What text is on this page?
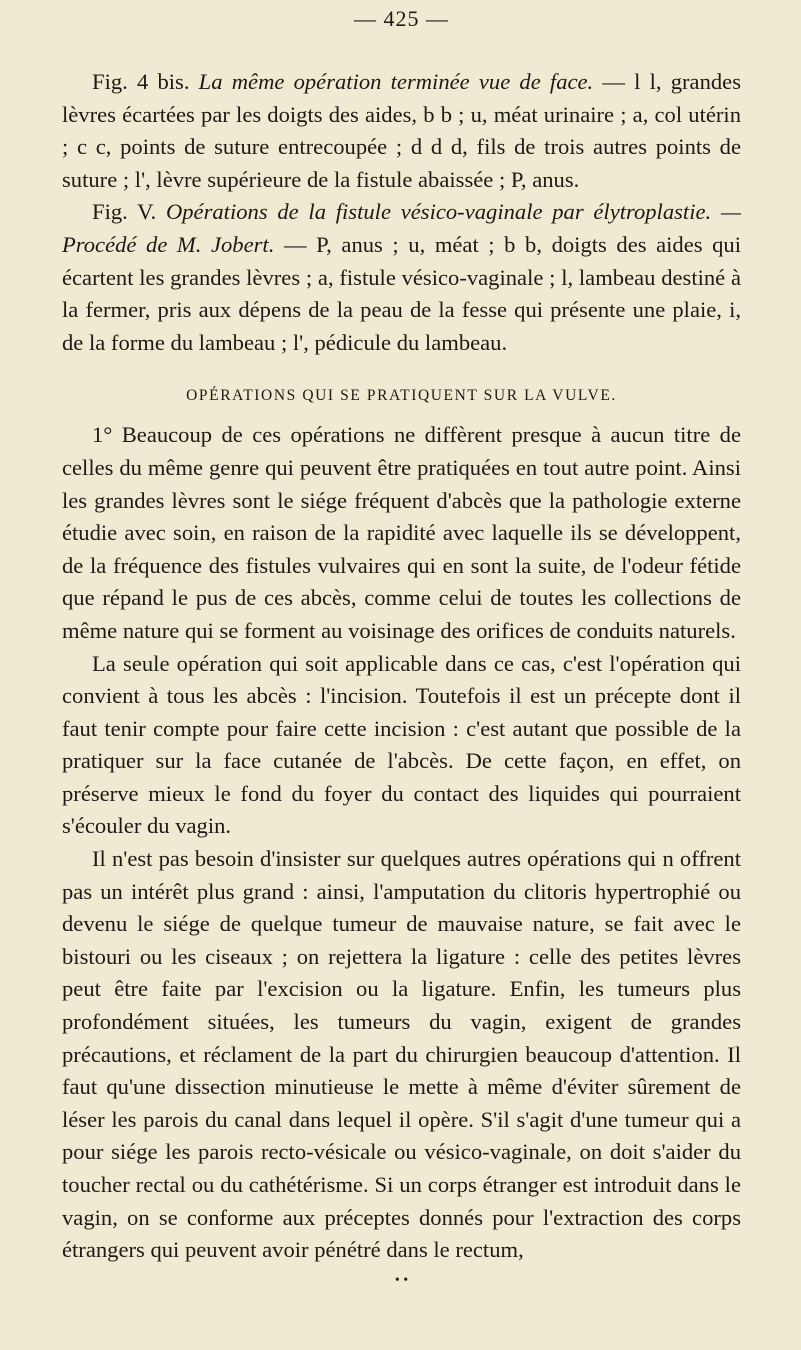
— 425 —

Fig. 4 bis. La même opération terminée vue de face. — l l, grandes lèvres écartées par les doigts des aides, b b ; u, méat urinaire ; a, col utérin ; c c, points de suture entrecoupée ; d d d, fils de trois autres points de suture ; l', lèvre supérieure de la fistule abaissée ; P, anus.

Fig. V. Opérations de la fistule vésico-vaginale par élytroplastie. — Procédé de M. Jobert. — P, anus ; u, méat ; b b, doigts des aides qui écartent les grandes lèvres ; a, fistule vésico-vaginale ; l, lambeau destiné à la fermer, pris aux dépens de la peau de la fesse qui présente une plaie, i, de la forme du lambeau ; l', pédicule du lambeau.

OPÉRATIONS QUI SE PRATIQUENT SUR LA VULVE.

1° Beaucoup de ces opérations ne diffèrent presque à aucun titre de celles du même genre qui peuvent être pratiquées en tout autre point. Ainsi les grandes lèvres sont le siége fréquent d'abcès que la pathologie externe étudie avec soin, en raison de la rapidité avec laquelle ils se développent, de la fréquence des fistules vulvaires qui en sont la suite, de l'odeur fétide que répand le pus de ces abcès, comme celui de toutes les collections de même nature qui se forment au voisinage des orifices de conduits naturels.

La seule opération qui soit applicable dans ce cas, c'est l'opération qui convient à tous les abcès : l'incision. Toutefois il est un précepte dont il faut tenir compte pour faire cette incision : c'est autant que possible de la pratiquer sur la face cutanée de l'abcès. De cette façon, en effet, on préserve mieux le fond du foyer du contact des liquides qui pourraient s'écouler du vagin.

Il n'est pas besoin d'insister sur quelques autres opérations qui n offrent pas un intérêt plus grand : ainsi, l'amputation du clitoris hypertrophié ou devenu le siége de quelque tumeur de mauvaise nature, se fait avec le bistouri ou les ciseaux ; on rejettera la ligature : celle des petites lèvres peut être faite par l'excision ou la ligature. Enfin, les tumeurs plus profondément situées, les tumeurs du vagin, exigent de grandes précautions, et réclament de la part du chirurgien beaucoup d'attention. Il faut qu'une dissection minutieuse le mette à même d'éviter sûrement de léser les parois du canal dans lequel il opère. S'il s'agit d'une tumeur qui a pour siége les parois recto-vésicale ou vésico-vaginale, on doit s'aider du toucher rectal ou du cathétérisme. Si un corps étranger est introduit dans le vagin, on se conforme aux préceptes donnés pour l'extraction des corps étrangers qui peuvent avoir pénétré dans le rectum,

• •
